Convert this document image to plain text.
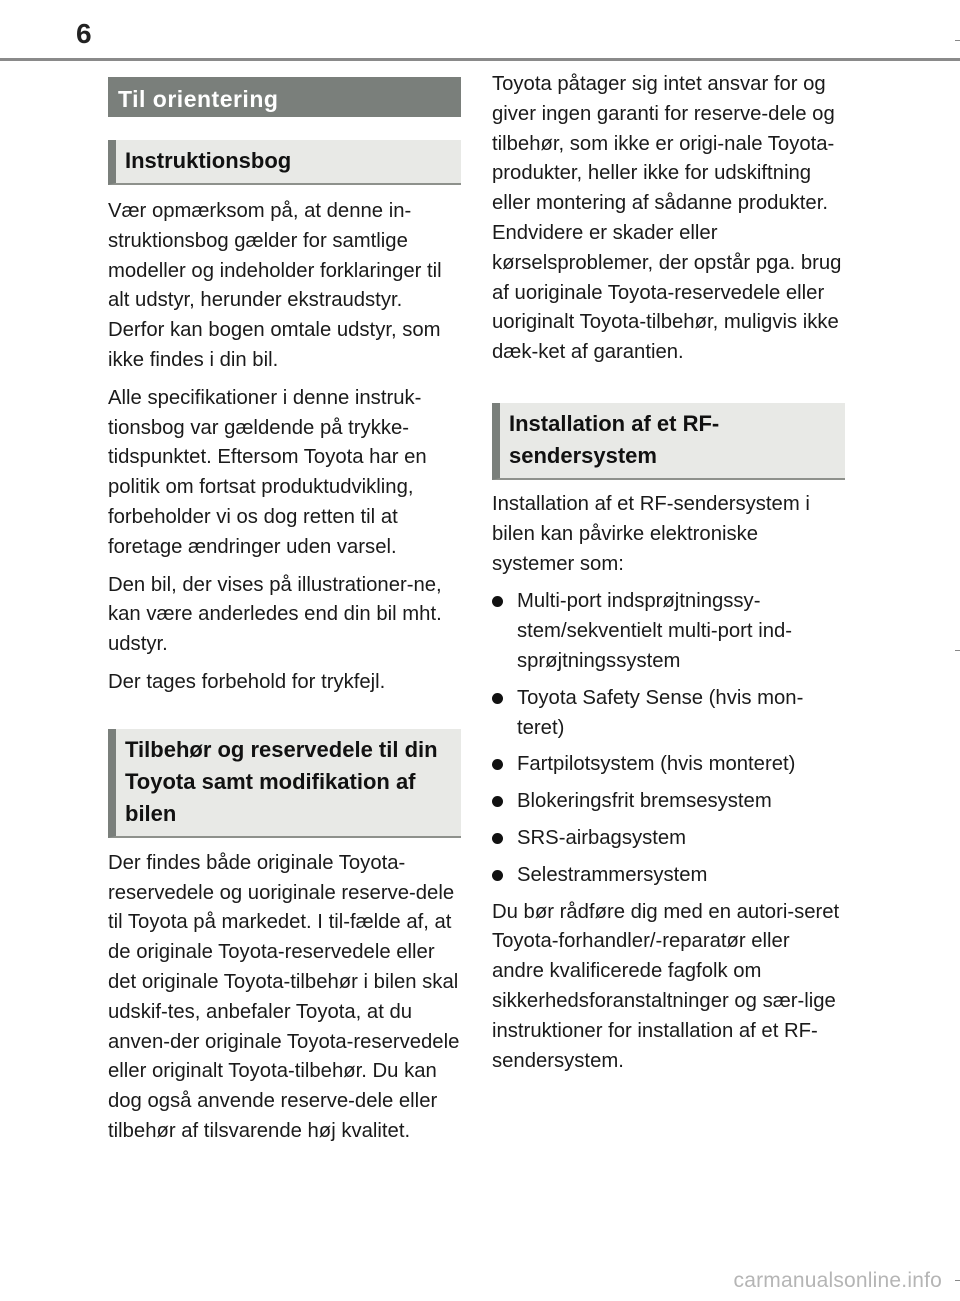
6
Til orientering
Instruktionsbog

Vær opmærksom på, at denne in-struktionsbog gælder for samtlige modeller og indeholder forklaringer til alt udstyr, herunder ekstraudstyr. Derfor kan bogen omtale udstyr, som ikke findes i din bil.

Alle specifikationer i denne instruk-tionsbog var gældende på trykke-tidspunktet. Eftersom Toyota har en politik om fortsat produktudvikling, forbeholder vi os dog retten til at foretage ændringer uden varsel.

Den bil, der vises på illustrationer-ne, kan være anderledes end din bil mht. udstyr.

Der tages forbehold for trykfejl.

Tilbehør og reservedele til din Toyota samt modifikation af bilen

Der findes både originale Toyota-reservedele og uoriginale reserve-dele til Toyota på markedet. I til-fælde af, at de originale Toyota-reservedele eller det originale Toyota-tilbehør i bilen skal udskif-tes, anbefaler Toyota, at du anven-der originale Toyota-reservedele eller originalt Toyota-tilbehør. Du kan dog også anvende reserve-dele eller tilbehør af tilsvarende høj kvalitet.

Toyota påtager sig intet ansvar for og giver ingen garanti for reserve-dele og tilbehør, som ikke er origi-nale Toyota-produkter, heller ikke for udskiftning eller montering af sådanne produkter. Endvidere er skader eller kørselsproblemer, der opstår pga. brug af uoriginale Toyota-reservedele eller uoriginalt Toyota-tilbehør, muligvis ikke dæk-ket af garantien.

Installation af et RF-sendersystem

Installation af et RF-sendersystem i bilen kan påvirke elektroniske systemer som:

Multi-port indsprøjtningssy-stem/sekventielt multi-port ind-sprøjtningssystem
Toyota Safety Sense (hvis mon-teret)
Fartpilotsystem (hvis monteret)
Blokeringsfrit bremsesystem
SRS-airbagsystem
Selestrammersystem

Du bør rådføre dig med en autori-seret Toyota-forhandler/-reparatør eller andre kvalificerede fagfolk om sikkerhedsforanstaltninger og sær-lige instruktioner for installation af et RF-sendersystem.

carmanualsonline.info
